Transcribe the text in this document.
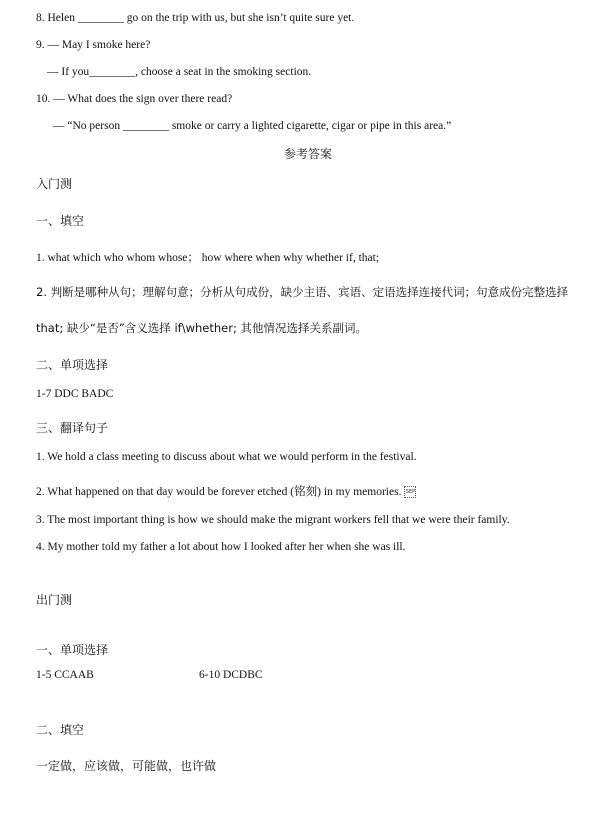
8. Helen ________ go on the trip with us, but she isn’t quite sure yet.
9. — May I smoke here?
— If you________, choose a seat in the smoking section.
10. — What does the sign over there read?
— “No person ________ smoke or carry a lighted cigarette, cigar or pipe in this area.”
参考答案
入门测
一、填空
1. what which who whom whose； how where when why whether if, that;
2. 判断是哪种从句；理解句意；分析从句成份，缺少主语、宾语、定语选择连接代词；句意成份完整选择
that; 缺少“是否”含义选择 if\whether; 其他情况选择关系副词。
二、单项选择
1-7 DDC BADC
三、翻译句子
1. We hold a class meeting to discuss about what we would perform in the festival.
2. What happened on that day would be forever etched (铭刻) in my memories. SEP
3. The most important thing is how we should make the migrant workers fell that we were their family.
4. My mother told my father a lot about how I looked after her when she was ill.
出门测
一、单项选择
1-5 CCAAB	6-10 DCDBC
二、填空
一定做，应该做，可能做，也许做
